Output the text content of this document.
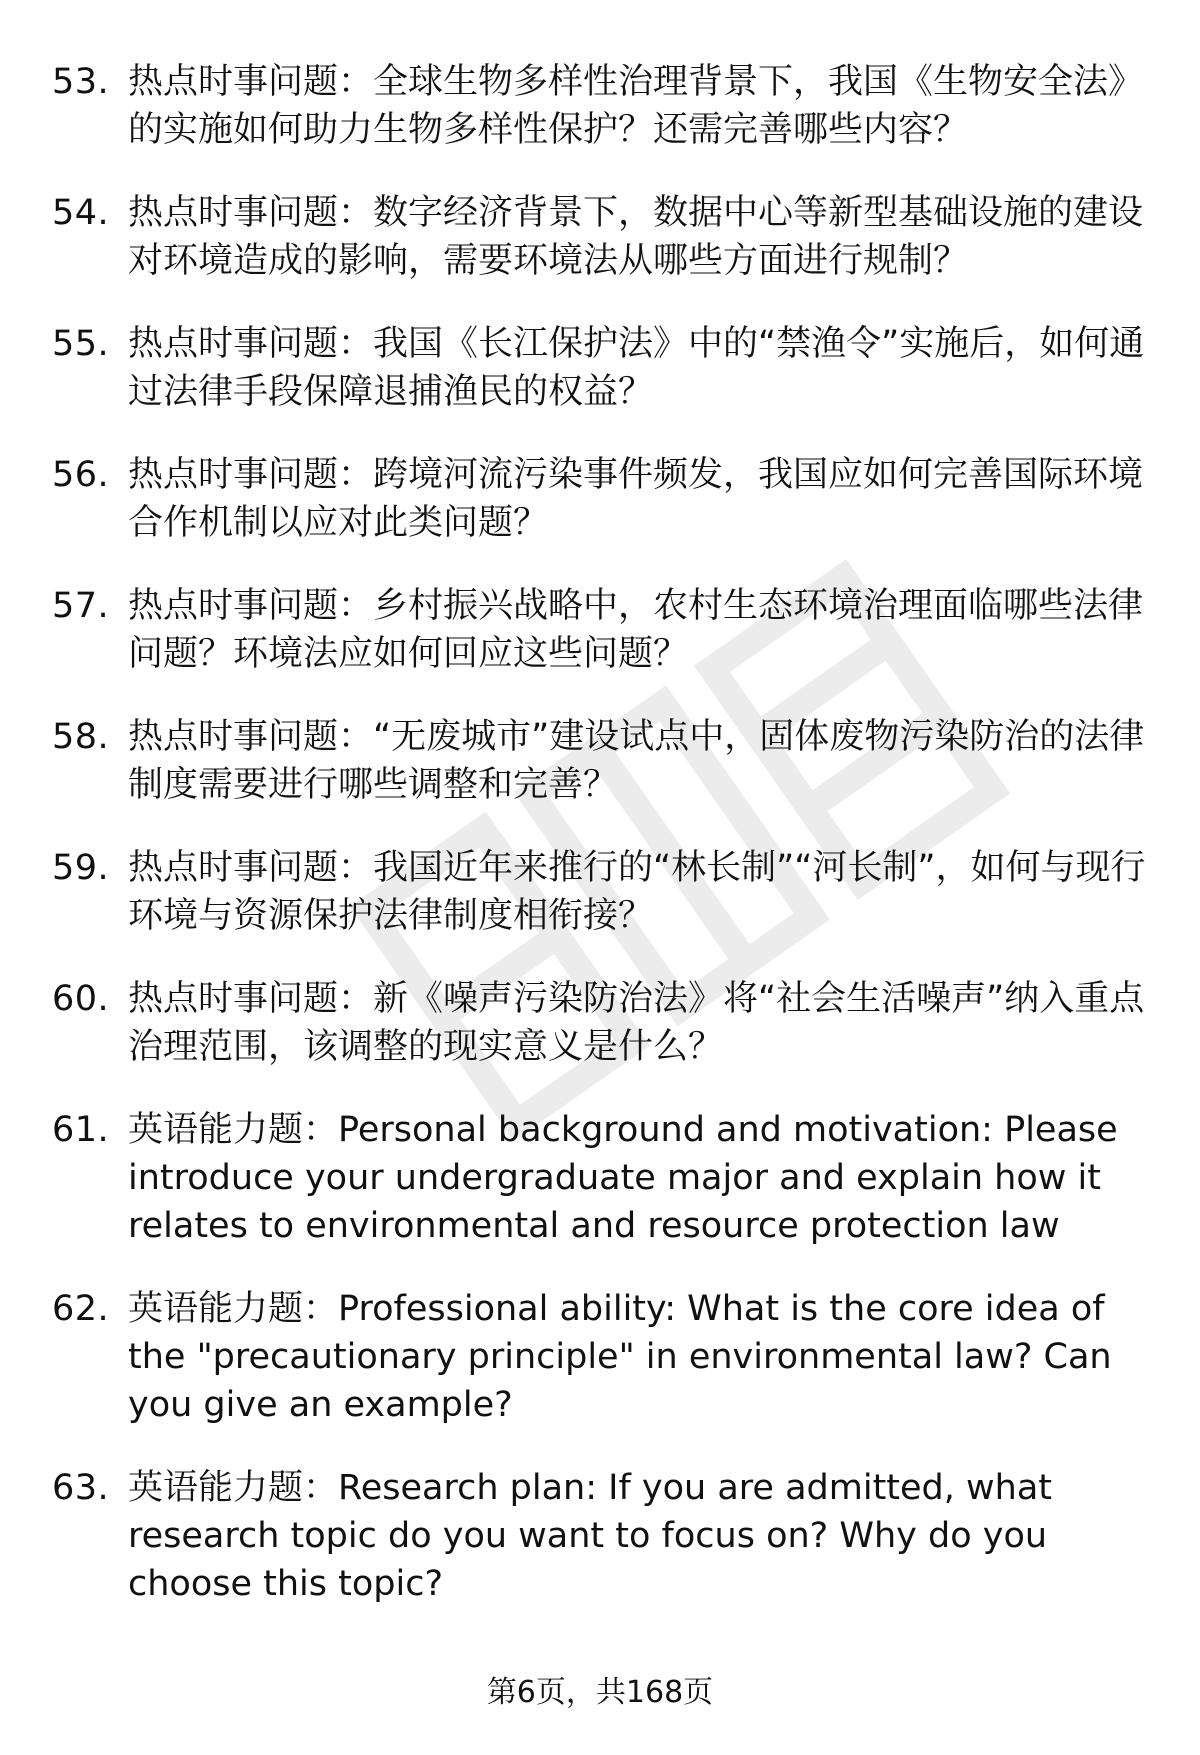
53. 热点时事问题：全球生物多样性治理背景下，我国《生物安全法》的实施如何助力生物多样性保护？还需完善哪些内容？
54. 热点时事问题：数字经济背景下，数据中心等新型基础设施的建设对环境造成的影响，需要环境法从哪些方面进行规制？
55. 热点时事问题：我国《长江保护法》中的“禁渔令”实施后，如何通过法律手段保障退捕渔民的权益？
56. 热点时事问题：跨境河流污染事件频发，我国应如何完善国际环境合作机制以应对此类问题？
57. 热点时事问题：乡村振兴战略中，农村生态环境治理面临哪些法律问题？环境法应如何回应这些问题？
58. 热点时事问题：“无废城市”建设试点中，固体废物污染防治的法律制度需要进行哪些调整和完善？
59. 热点时事问题：我国近年来推行的“林长制”“河长制”，如何与现行环境与资源保护法律制度相衔接？
60. 热点时事问题：新《噪声污染防治法》将“社会生活噪声”纳入重点治理范围，该调整的现实意义是什么？
61. 英语能力题：Personal background and motivation: Please introduce your undergraduate major and explain how it relates to environmental and resource protection law
62. 英语能力题：Professional ability: What is the core idea of the "precautionary principle" in environmental law? Can you give an example?
63. 英语能力题：Research plan: If you are admitted, what research topic do you want to focus on? Why do you choose this topic?
第6页，共168页
